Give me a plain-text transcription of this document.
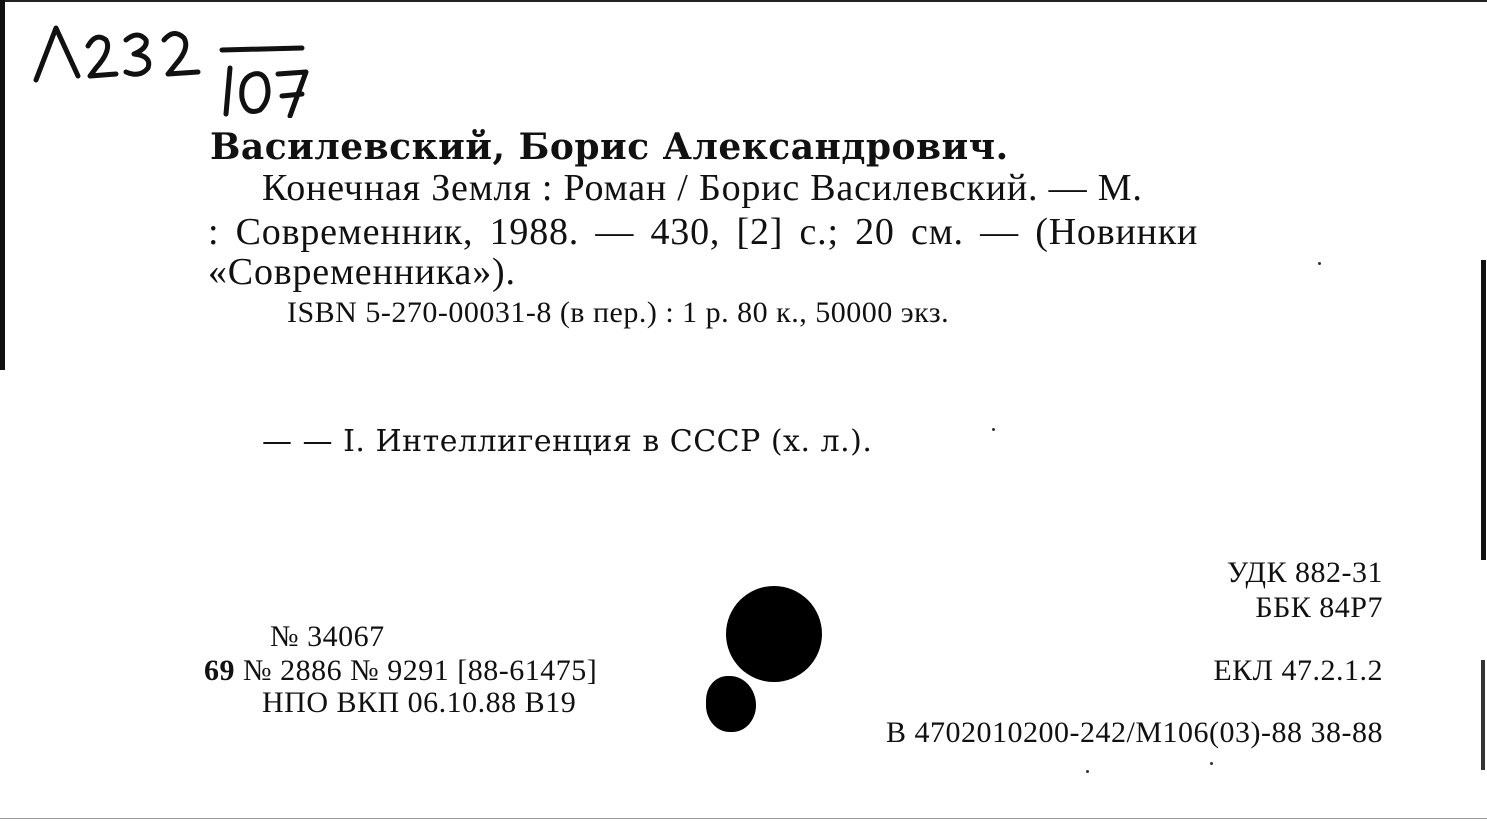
Василевский, Борис Александрович.
Конечная Земля : Роман / Борис Василевский. — М.
: Современник, 1988. — 430, [2] с.; 20 см. — (Новинки
«Современника»).
ISBN 5-270-00031-8 (в пер.) : 1 р. 80 к., 50000 экз.
— — I. Интеллигенция в СССР (х. л.).
УДК 882-31
ББК 84Р7
ЕКЛ 47.2.1.2
В 4702010200-242/М106(03)-88 38-88
№ 34067
69 № 2886 № 9291 [88-61475]
НПО ВКП 06.10.88 В19
